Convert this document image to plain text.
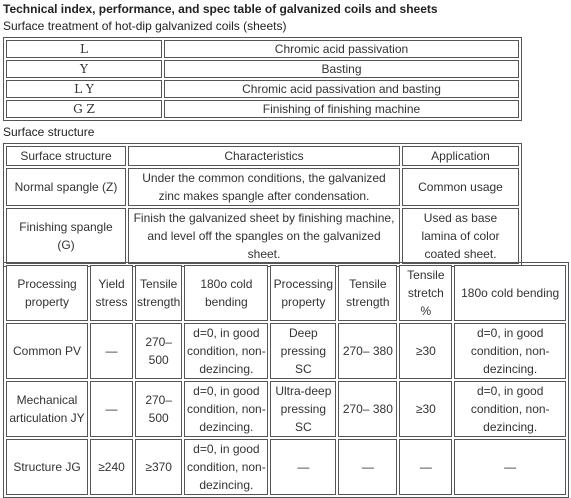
Technical index, performance, and spec table of galvanized coils and sheets
Surface treatment of hot-dip galvanized coils (sheets)
L	Chromic acid passivation
Y	Basting
L Y	Chromic acid passivation and basting
G Z	Finishing of finishing machine
Surface structure
Surface structure	Characteristics	Application
Normal spangle (Z)	Under the common conditions, the galvanized zinc makes spangle after condensation.	Common usage
Finishing spangle (G)	Finish the galvanized sheet by finishing machine, and level off the spangles on the galvanized sheet.	Used as base lamina of color coated sheet.
Processing property	Yield stress	Tensile strength	180o cold bending	Processing property	Tensile strength	Tensile stretch %	180o cold bending
Common PV	—	270–500	d=0, in good condition, non-dezincing.	Deep pressing SC	270– 380	≥30	d=0, in good condition, non-dezincing.
Mechanical articulation JY	—	270–500	d=0, in good condition, non-dezincing.	Ultra-deep pressing SC	270– 380	≥30	d=0, in good condition, non-dezincing.
Structure JG	≥240	≥370	d=0, in good condition, non-dezincing.	—	—	—	—
